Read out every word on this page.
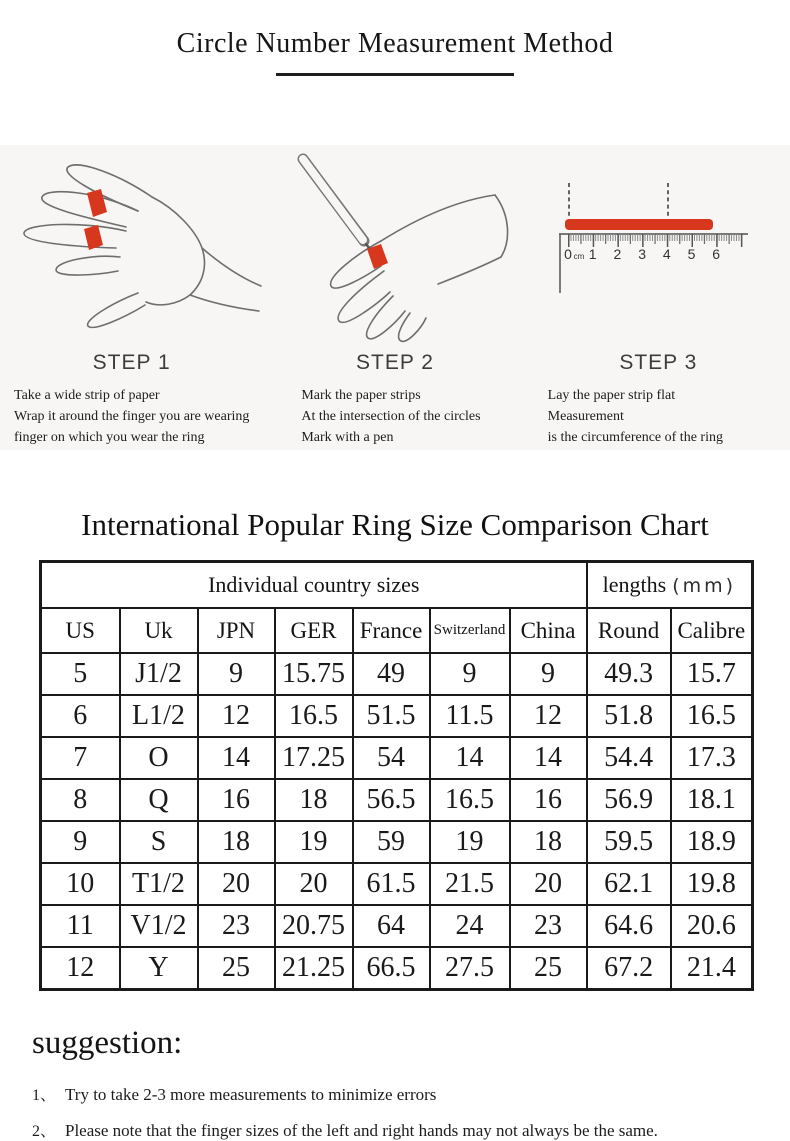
Circle Number Measurement Method
STEP 1

Take a wide strip of paper

Wrap it around the finger you are wearing

finger on which you wear the ring

STEP 2

Mark the paper strips

At the intersection of the circles

Mark with a pen

0 cm 1 2 3 4 5 6
STEP 3

Lay the paper strip flat

Measurement

is the circumference of the ring

International Popular Ring Size Comparison Chart
Individual country sizes							lengths (mm)	
US	Uk	JPN	GER	France	Switzerland	China	Round	Calibre
5	J1/2	9	15.75	49	9	9	49.3	15.7
6	L1/2	12	16.5	51.5	11.5	12	51.8	16.5
7	O	14	17.25	54	14	14	54.4	17.3
8	Q	16	18	56.5	16.5	16	56.9	18.1
9	S	18	19	59	19	18	59.5	18.9
10	T1/2	20	20	61.5	21.5	20	62.1	19.8
11	V1/2	23	20.75	64	24	23	64.6	20.6
12	Y	25	21.25	66.5	27.5	25	67.2	21.4
suggestion:
1、 Try to take 2-3 more measurements to minimize errors
2、 Please note that the finger sizes of the left and right hands may not always be the same.
